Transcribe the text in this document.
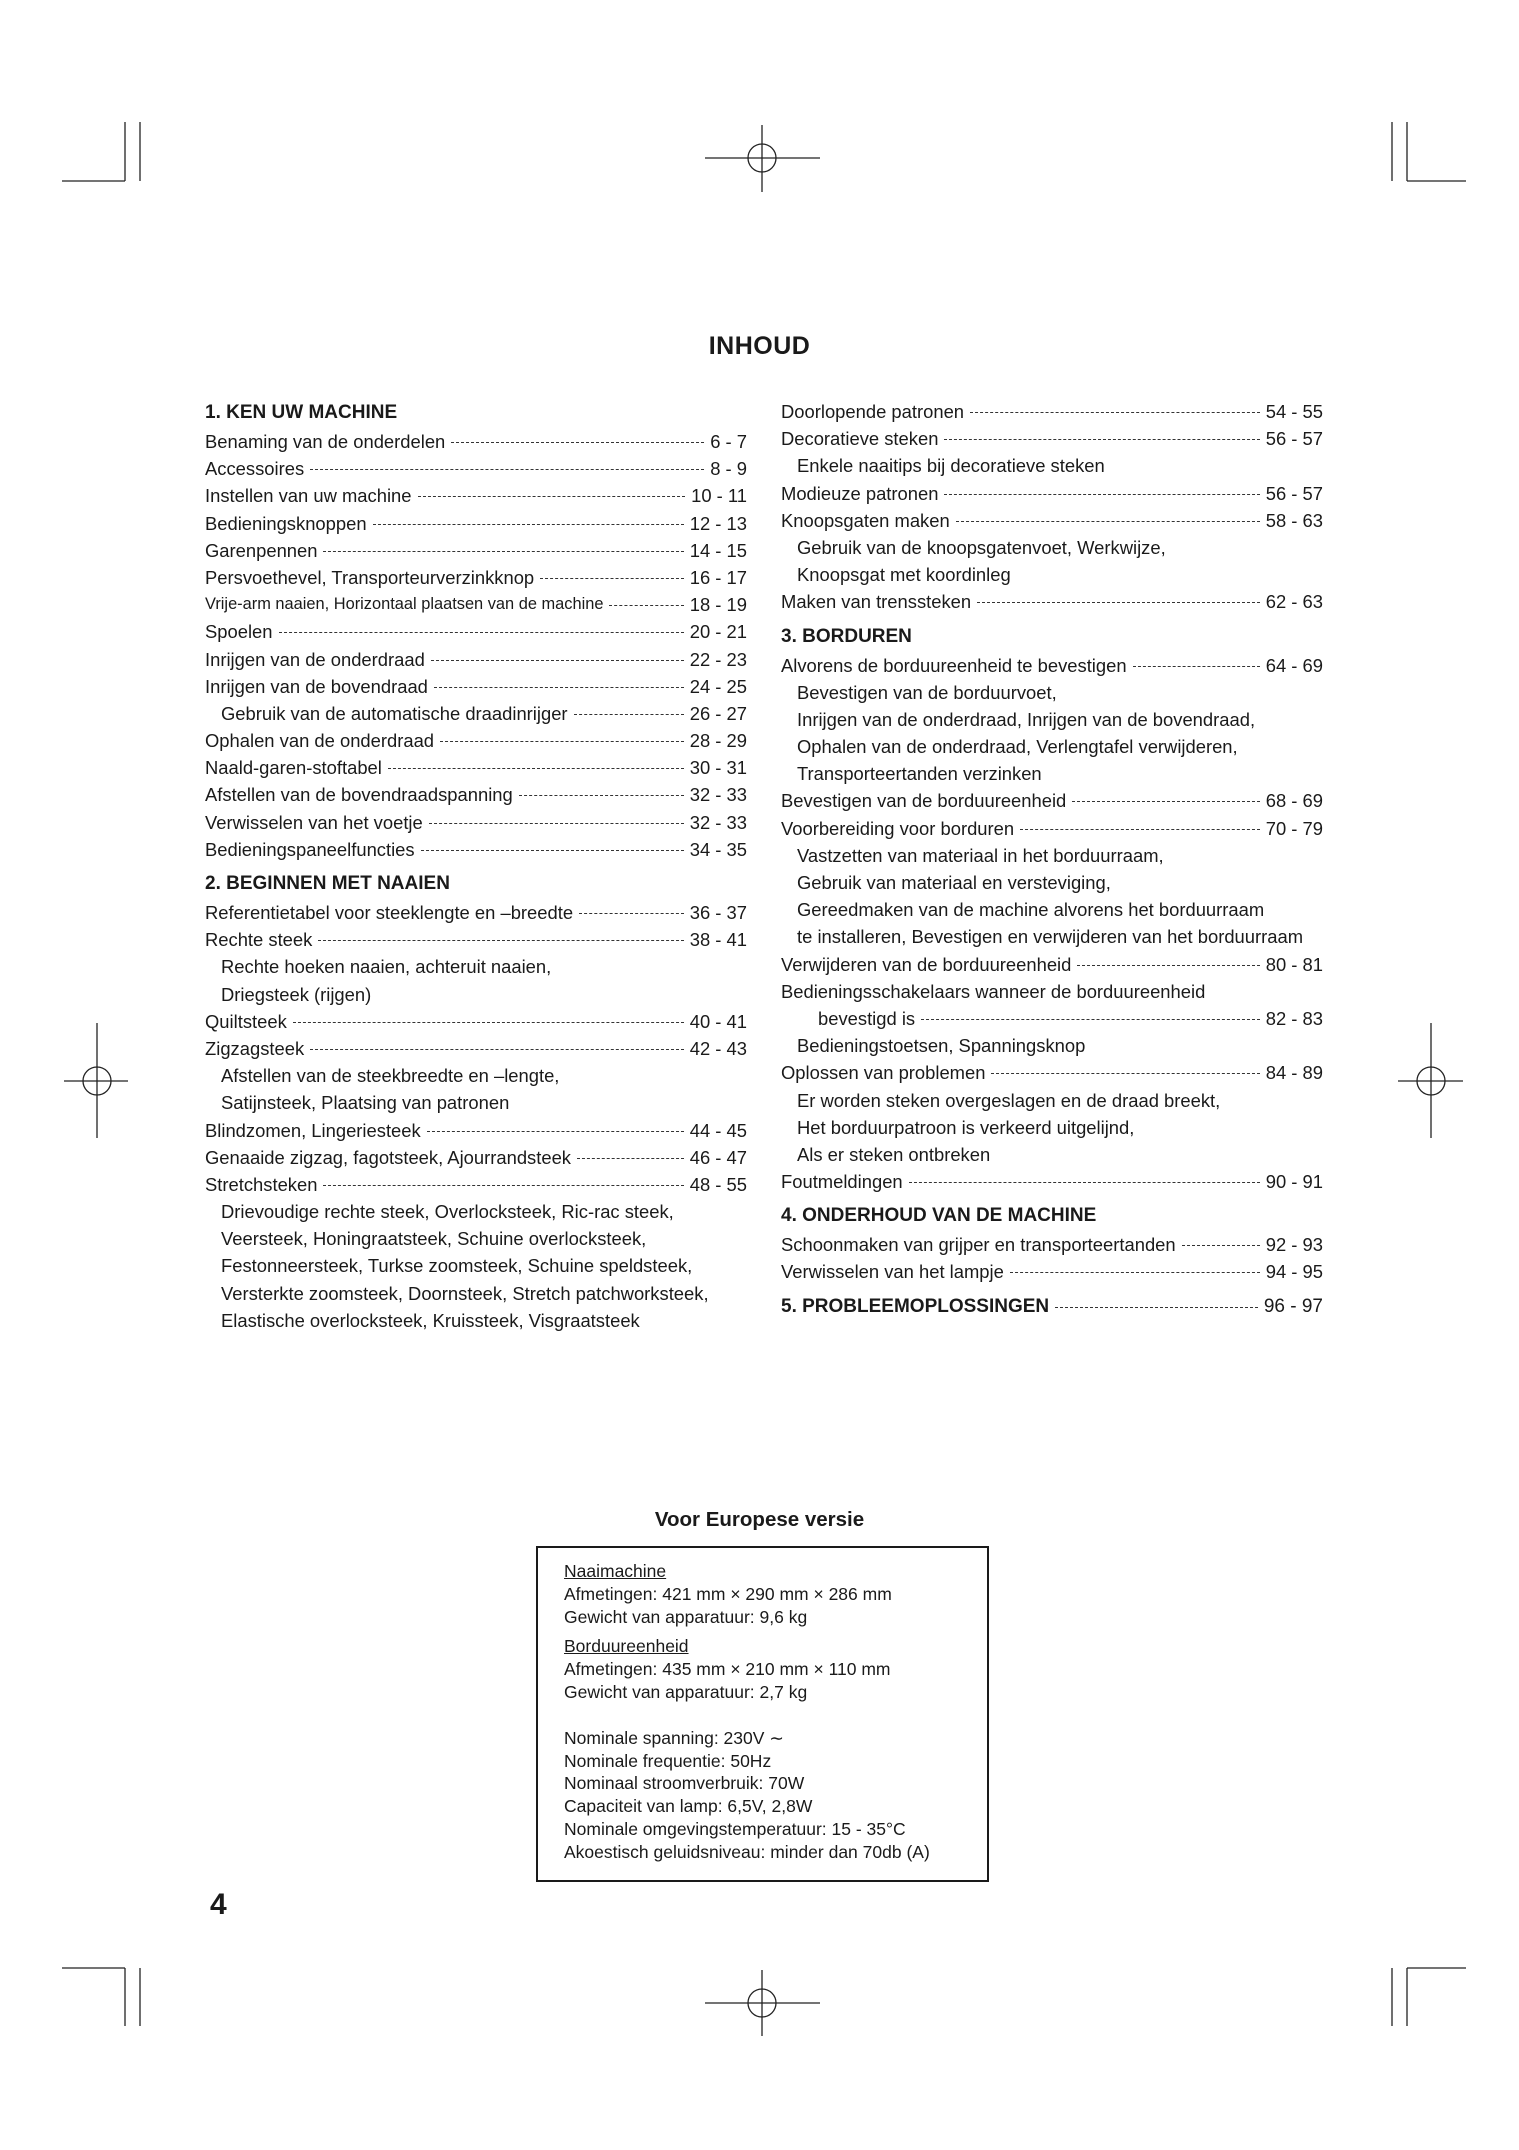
INHOUD
1. KEN UW MACHINE
Benaming van de onderdelen	6 - 7
Accessoires	8 - 9
Instellen van uw machine	10 - 11
Bedieningsknoppen	12 - 13
Garenpennen	14 - 15
Persvoethevel, Transporteurverzinkknop	16 - 17
Vrije-arm naaien, Horizontaal plaatsen van de machine	18 - 19
Spoelen	20 - 21
Inrijgen van de onderdraad	22 - 23
Inrijgen van de bovendraad	24 - 25
Gebruik van de automatische draadinrijger	26 - 27
Ophalen van de onderdraad	28 - 29
Naald-garen-stoftabel	30 - 31
Afstellen van de bovendraadspanning	32 - 33
Verwisselen van het voetje	32 - 33
Bedieningspaneelfuncties	34 - 35
2. BEGINNEN MET NAAIEN
Referentietabel voor steeklengte en –breedte	36 - 37
Rechte steek	38 - 41
Rechte hoeken naaien, achteruit naaien,
Driegsteek (rijgen)
Quiltsteek	40 - 41
Zigzagsteek	42 - 43
Afstellen van de steekbreedte en –lengte,
Satijnsteek, Plaatsing van patronen
Blindzomen, Lingeriesteek	44 - 45
Genaaide zigzag, fagotsteek, Ajourrandsteek	46 - 47
Stretchsteken	48 - 55
Drievoudige rechte steek, Overlocksteek, Ric-rac steek,
Veersteek, Honingraatsteek, Schuine overlocksteek,
Festonneersteek, Turkse zoomsteek, Schuine speldsteek,
Versterkte zoomsteek, Doornsteek, Stretch patchworksteek,
Elastische overlocksteek, Kruissteek, Visgraatsteek
Doorlopende patronen	54 - 55
Decoratieve steken	56 - 57
Enkele naaitips bij decoratieve steken
Modieuze patronen	56 - 57
Knoopsgaten maken	58 - 63
Gebruik van de knoopsgatenvoet, Werkwijze,
Knoopsgat met koordinleg
Maken van trenssteken	62 - 63
3. BORDUREN
Alvorens de borduureenheid te bevestigen	64 - 69
Bevestigen van de borduurvoet,
Inrijgen van de onderdraad, Inrijgen van de bovendraad,
Ophalen van de onderdraad, Verlengtafel verwijderen,
Transporteertanden verzinken
Bevestigen van de borduureenheid	68 - 69
Voorbereiding voor borduren	70 - 79
Vastzetten van materiaal in het borduurraam,
Gebruik van materiaal en versteviging,
Gereedmaken van de machine alvorens het borduurraam
te installeren, Bevestigen en verwijderen van het borduurraam
Verwijderen van de borduureenheid	80 - 81
Bedieningsschakelaars wanneer de borduureenheid
bevestigd is	82 - 83
Bedieningstoetsen, Spanningsknop
Oplossen van problemen	84 - 89
Er worden steken overgeslagen en de draad breekt,
Het borduurpatroon is verkeerd uitgelijnd,
Als er steken ontbreken
Foutmeldingen	90 - 91
4. ONDERHOUD VAN DE MACHINE
Schoonmaken van grijper en transporteertanden	92 - 93
Verwisselen van het lampje	94 - 95
5. PROBLEEMOPLOSSINGEN	96 - 97
Voor Europese versie
Naaimachine
Afmetingen: 421 mm × 290 mm × 286 mm
Gewicht van apparatuur: 9,6 kg
Borduureenheid
Afmetingen: 435 mm × 210 mm × 110 mm
Gewicht van apparatuur: 2,7 kg
Nominale spanning: 230V ∼
Nominale frequentie: 50Hz
Nominaal stroomverbruik: 70W
Capaciteit van lamp: 6,5V, 2,8W
Nominale omgevingstemperatuur: 15 - 35°C
Akoestisch geluidsniveau: minder dan 70db (A)
4
